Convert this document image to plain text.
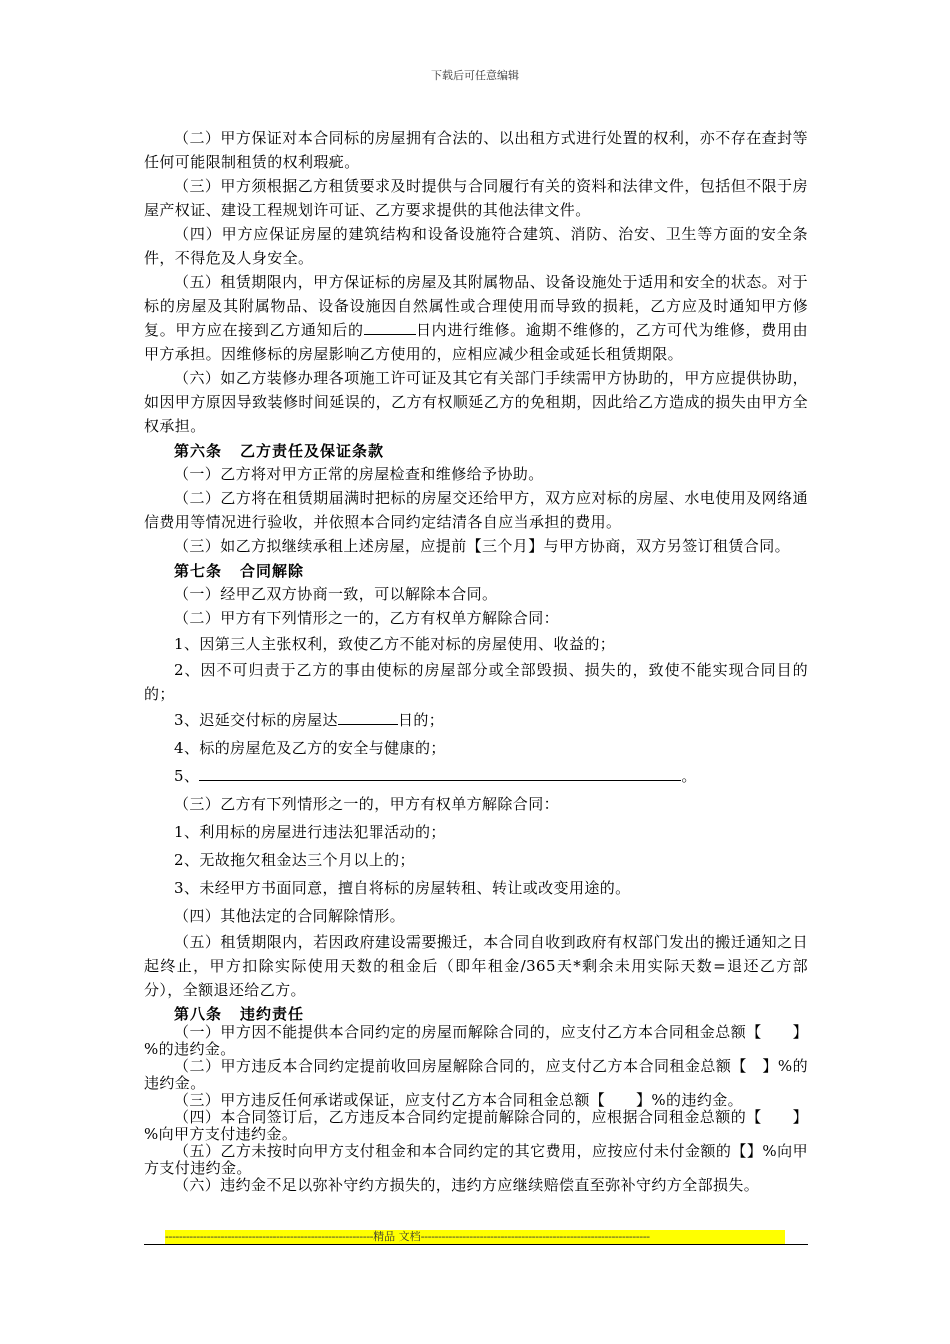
下载后可任意编辑

（二）甲方保证对本合同标的房屋拥有合法的、以出租方式进行处置的权利，亦不存在查封等任何可能限制租赁的权利瑕疵。

（三）甲方须根据乙方租赁要求及时提供与合同履行有关的资料和法律文件，包括但不限于房屋产权证、建设工程规划许可证、乙方要求提供的其他法律文件。

（四）甲方应保证房屋的建筑结构和设备设施符合建筑、消防、治安、卫生等方面的安全条件，不得危及人身安全。

（五）租赁期限内，甲方保证标的房屋及其附属物品、设备设施处于适用和安全的状态。对于标的房屋及其附属物品、设备设施因自然属性或合理使用而导致的损耗，乙方应及时通知甲方修复。甲方应在接到乙方通知后的	日内进行维修。逾期不维修的，乙方可代为维修，费用由甲方承担。因维修标的房屋影响乙方使用的，应相应减少租金或延长租赁期限。

（六）如乙方装修办理各项施工许可证及其它有关部门手续需甲方协助的，甲方应提供协助，如因甲方原因导致装修时间延误的，乙方有权顺延乙方的免租期，因此给乙方造成的损失由甲方全权承担。

第六条 乙方责任及保证条款

（一）乙方将对甲方正常的房屋检查和维修给予协助。

（二）乙方将在租赁期届满时把标的房屋交还给甲方，双方应对标的房屋、水电使用及网络通信费用等情况进行验收，并依照本合同约定结清各自应当承担的费用。

（三）如乙方拟继续承租上述房屋，应提前【三个月】与甲方协商，双方另签订租赁合同。

第七条 合同解除

（一）经甲乙双方协商一致，可以解除本合同。

（二）甲方有下列情形之一的，乙方有权单方解除合同：

1、因第三人主张权利，致使乙方不能对标的房屋使用、收益的；

2、因不可归责于乙方的事由使标的房屋部分或全部毁损、损失的，致使不能实现合同目的的；

3、迟延交付标的房屋达	日的；

4、标的房屋危及乙方的安全与健康的；

5、	。

（三）乙方有下列情形之一的，甲方有权单方解除合同：

1、利用标的房屋进行违法犯罪活动的；

2、无故拖欠租金达三个月以上的；

3、未经甲方书面同意，擅自将标的房屋转租、转让或改变用途的。

（四）其他法定的合同解除情形。

（五）租赁期限内，若因政府建设需要搬迁，本合同自收到政府有权部门发出的搬迁通知之日起终止，甲方扣除实际使用天数的租金后（即年租金/365天*剩余未用实际天数=退还乙方部分），全额退还给乙方。

第八条 违约责任

（一）甲方因不能提供本合同约定的房屋而解除合同的，应支付乙方本合同租金总额【　　】%的违约金。

（二）甲方违反本合同约定提前收回房屋解除合同的，应支付乙方本合同租金总额【　】%的违约金。

（三）甲方违反任何承诺或保证，应支付乙方本合同租金总额【　　】%的违约金。

（四）本合同签订后，乙方违反本合同约定提前解除合同的，应根据合同租金总额的【　　】%向甲方支付违约金。

（五）乙方未按时向甲方支付租金和本合同约定的其它费用，应按应付未付金额的【】%向甲方支付违约金。

（六）违约金不足以弥补守约方损失的，违约方应继续赔偿直至弥补守约方全部损失。

------------------------------------------------------------精品 文档------------------------------------------------------------------
